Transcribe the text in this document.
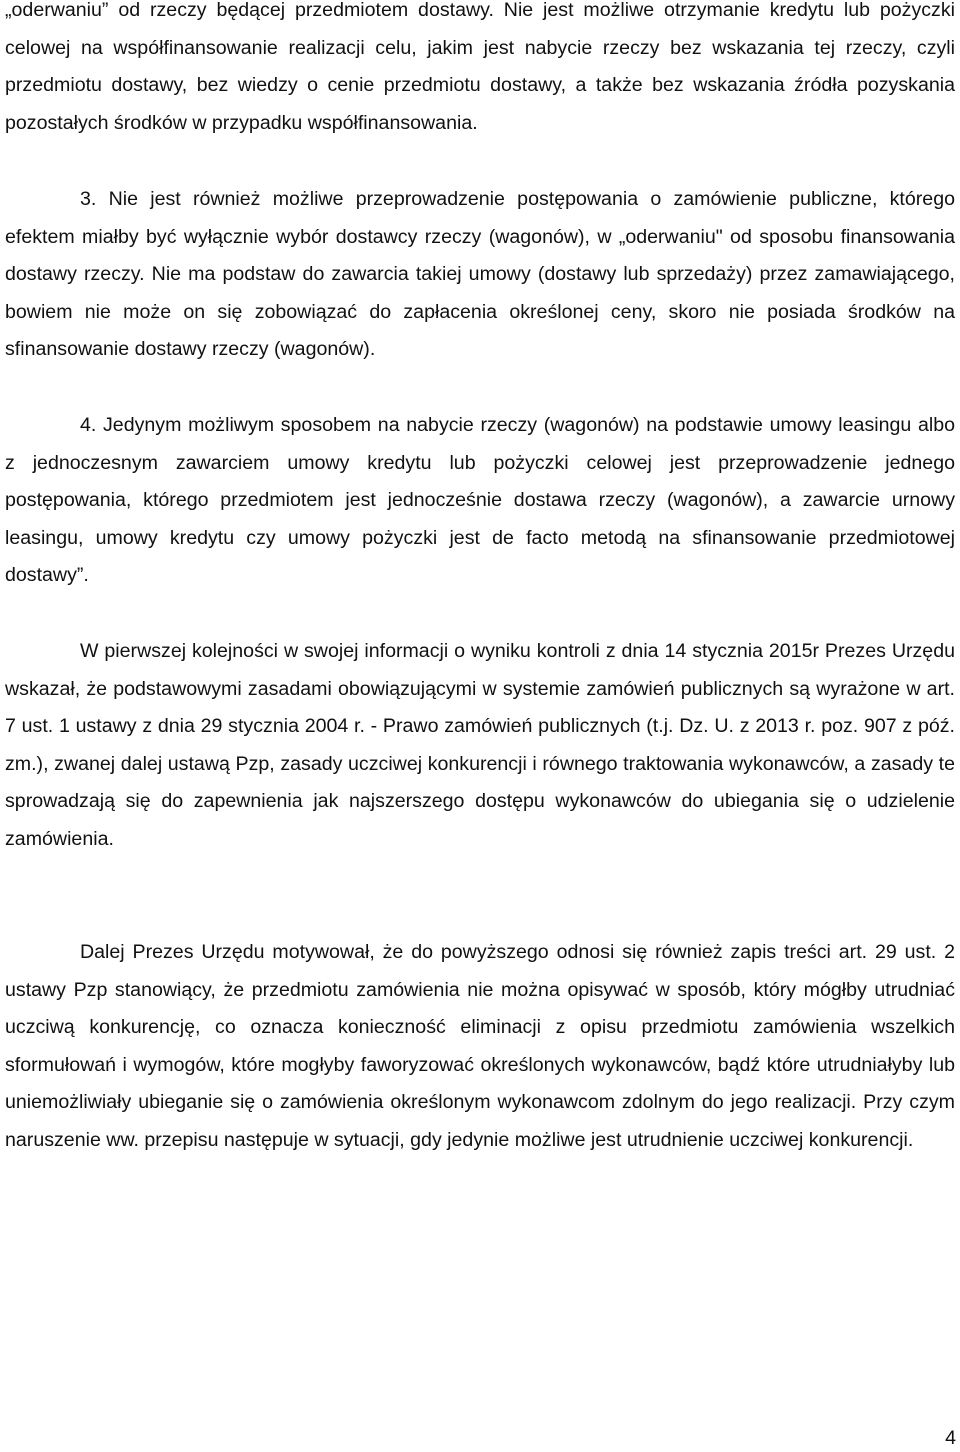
„oderwaniu” od rzeczy będącej przedmiotem dostawy. Nie jest możliwe otrzymanie kredytu lub pożyczki celowej na współfinansowanie realizacji celu, jakim jest nabycie rzeczy bez wskazania tej rzeczy, czyli przedmiotu dostawy, bez wiedzy o cenie przedmiotu dostawy, a także bez wskazania źródła pozyskania pozostałych środków w przypadku współfinansowania.

3. Nie jest również możliwe przeprowadzenie postępowania o zamówienie publiczne, którego efektem miałby być wyłącznie wybór dostawcy rzeczy (wagonów), w „oderwaniu" od sposobu finansowania dostawy rzeczy. Nie ma podstaw do zawarcia takiej umowy (dostawy lub sprzedaży) przez zamawiającego, bowiem nie może on się zobowiązać do zapłacenia określonej ceny, skoro nie posiada środków na sfinansowanie dostawy rzeczy (wagonów).

4. Jedynym możliwym sposobem na nabycie rzeczy (wagonów) na podstawie umowy leasingu albo z jednoczesnym zawarciem umowy kredytu lub pożyczki celowej jest przeprowadzenie jednego postępowania, którego przedmiotem jest jednocześnie dostawa rzeczy (wagonów), a zawarcie urnowy leasingu, umowy kredytu czy umowy pożyczki jest de facto metodą na sfinansowanie przedmiotowej dostawy”.

W pierwszej kolejności w swojej informacji o wyniku kontroli z dnia 14 stycznia 2015r Prezes Urzędu wskazał, że podstawowymi zasadami obowiązującymi w systemie zamówień publicznych są wyrażone w art. 7 ust. 1 ustawy z dnia 29 stycznia 2004 r. - Prawo zamówień publicznych (t.j. Dz. U. z 2013 r. poz. 907 z póź. zm.), zwanej dalej ustawą Pzp, zasady uczciwej konkurencji i równego traktowania wykonawców, a zasady te sprowadzają się do zapewnienia jak najszerszego dostępu wykonawców do ubiegania się o udzielenie zamówienia.

Dalej Prezes Urzędu motywował, że do powyższego odnosi się również zapis treści art. 29 ust. 2 ustawy Pzp stanowiący, że przedmiotu zamówienia nie można opisywać w sposób, który mógłby utrudniać uczciwą konkurencję, co oznacza konieczność eliminacji z opisu przedmiotu zamówienia wszelkich sformułowań i wymogów, które mogłyby faworyzować określonych wykonawców, bądź które utrudniałyby lub uniemożliwiały ubieganie się o zamówienia określonym wykonawcom zdolnym do jego realizacji. Przy czym naruszenie ww. przepisu następuje w sytuacji, gdy jedynie możliwe jest utrudnienie uczciwej konkurencji.

4
